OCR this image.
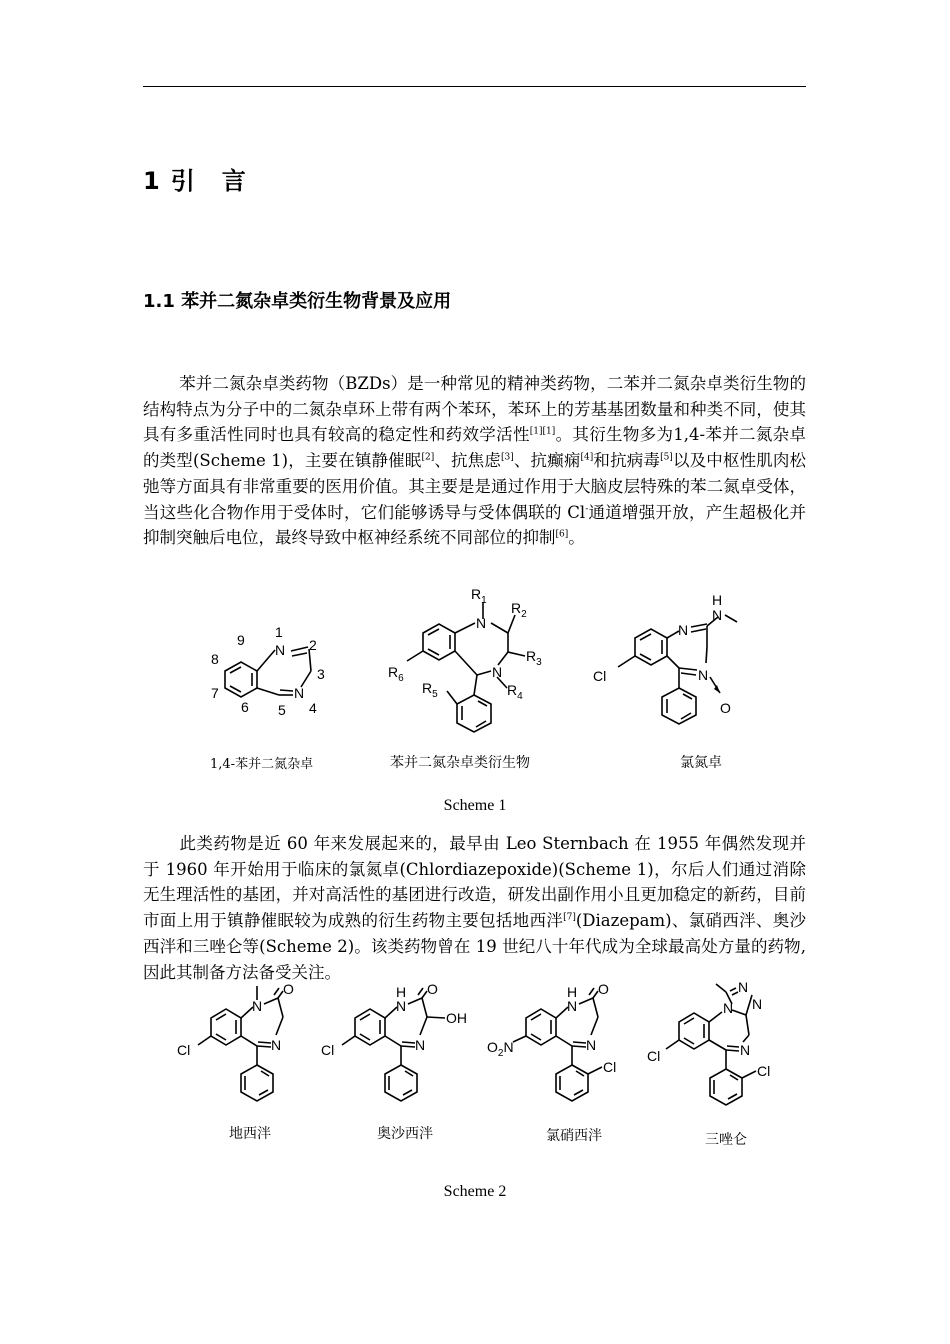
1 引 言
1.1 苯并二氮杂卓类衍生物背景及应用
苯并二氮杂卓类药物（BZDs）是一种常见的精神类药物，二苯并二氮杂卓类衍生物的结构特点为分子中的二氮杂卓环上带有两个苯环，苯环上的芳基基团数量和种类不同，使其具有多重活性同时也具有较高的稳定性和药效学活性[1][1]。其衍生物多为1,4-苯并二氮杂卓的类型(Scheme 1)，主要在镇静催眠[2]、抗焦虑[3]、抗癫痫[4]和抗病毒[5]以及中枢性肌肉松弛等方面具有非常重要的医用价值。其主要是是通过作用于大脑皮层特殊的苯二氮卓受体，当这些化合物作用于受体时，它们能够诱导与受体偶联的 Cl-通道增强开放，产生超极化并抑制突触后电位，最终导致中枢神经系统不同部位的抑制[6]。
1
N 2
3
N
4
5
6
7
8
9
$R_1$
N
$R_2$
$R_3$
N
$R_4$
$R_5$
$R_6$
H
N
N
N
Cl
O
1,4-苯并二氮杂卓	苯并二氮杂卓类衍生物	氯氮卓
Scheme 1
此类药物是近 60 年来发展起来的，最早由 Leo Sternbach 在 1955 年偶然发现并于 1960 年开始用于临床的氯氮卓(Chlordiazepoxide)(Scheme 1)，尔后人们通过消除无生理活性的基团，并对高活性的基团进行改造，研发出副作用小且更加稳定的新药，目前市面上用于镇静催眠较为成熟的衍生药物主要包括地西泮[7](Diazepam)、氯硝西泮、奥沙西泮和三唑仑等(Scheme 2)。该类药物曾在 19 世纪八十年代成为全球最高处方量的药物, 因此其制备方法备受关注。
N
O
N
Cl
H
N
O
OH
N
Cl
H
N
O
N
$O_2N$
Cl
N
N
N
N
Cl
Cl
地西泮	奥沙西泮	氯硝西泮	三唑仑
Scheme 2
